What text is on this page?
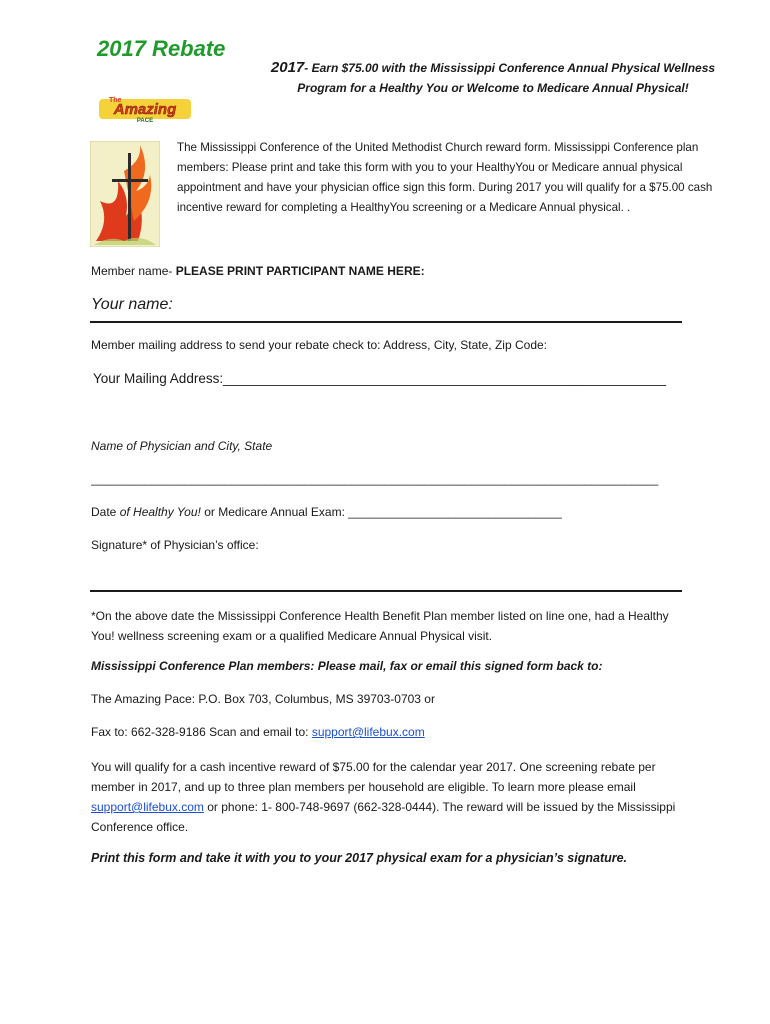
2017 Rebate
The
Amazing
PACE
2017- Earn $75.00 with the Mississippi Conference Annual Physical Wellness Program for a Healthy You or Welcome to Medicare Annual Physical!
The Mississippi Conference of the United Methodist Church reward form. Mississippi Conference plan members: Please print and take this form with you to your HealthyYou or Medicare annual physical appointment and have your physician office sign this form. During 2017 you will qualify for a $75.00 cash incentive reward for completing a HealthyYou screening or a Medicare Annual physical. .
Member name- PLEASE PRINT PARTICIPANT NAME HERE:
Your name:
Member mailing address to send your rebate check to: Address, City, State, Zip Code:
Your Mailing Address:___________________________________________________________
Name of Physician and City, State
_____________________________________________________________________________________
Date of Healthy You! or Medicare Annual Exam: ________________________________
Signature* of Physician’s office:
*On the above date the Mississippi Conference Health Benefit Plan member listed on line one, had a Healthy You! wellness screening exam or a qualified Medicare Annual Physical visit.
Mississippi Conference Plan members: Please mail, fax or email this signed form back to:
The Amazing Pace: P.O. Box 703, Columbus, MS 39703-0703 or
Fax to: 662-328-9186 Scan and email to: support@lifebux.com
You will qualify for a cash incentive reward of $75.00 for the calendar year 2017. One screening rebate per member in 2017, and up to three plan members per household are eligible. To learn more please email support@lifebux.com or phone: 1- 800-748-9697 (662-328-0444). The reward will be issued by the Mississippi Conference office.
Print this form and take it with you to your 2017 physical exam for a physician’s signature.
